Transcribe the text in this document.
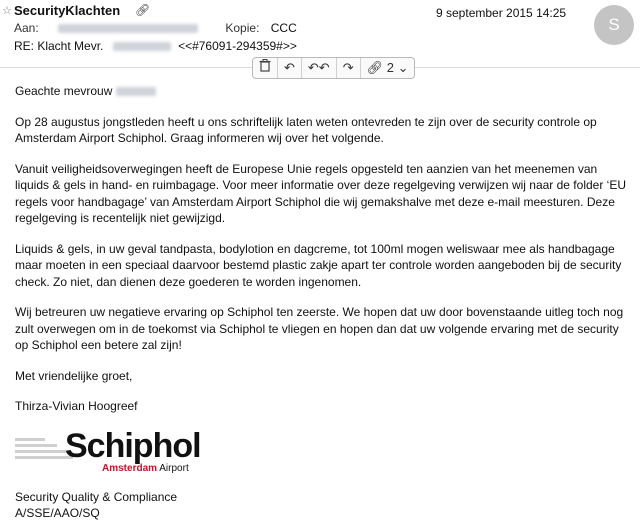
☆ SecurityKlachten 🔗︎	9 september 2015 14:25
S
Aan:	Kopie: CCC
RE: Klacht Mevr.	<<#76091-294359#>>
↶	↶↶	↷	🔗︎ 2 ⌄

Geachte mevrouw

Op 28 augustus jongstleden heeft u ons schriftelijk laten weten ontevreden te zijn over de security controle op Amsterdam Airport Schiphol. Graag informeren wij over het volgende.

Vanuit veiligheidsoverwegingen heeft de Europese Unie regels opgesteld ten aanzien van het meenemen van liquids & gels in hand- en ruimbagage. Voor meer informatie over deze regelgeving verwijzen wij naar de folder ‘EU regels voor handbagage’ van Amsterdam Airport Schiphol die wij gemakshalve met deze e-mail meesturen. Deze regelgeving is recentelijk niet gewijzigd.

Liquids & gels, in uw geval tandpasta, bodylotion en dagcreme, tot 100ml mogen weliswaar mee als handbagage maar moeten in een speciaal daarvoor bestemd plastic zakje apart ter controle worden aangeboden bij de security check. Zo niet, dan dienen deze goederen te worden ingenomen.

Wij betreuren uw negatieve ervaring op Schiphol ten zeerste. We hopen dat uw door bovenstaande uitleg toch nog zult overwegen om in de toekomst via Schiphol te vliegen en hopen dan dat uw volgende ervaring met de security op Schiphol een betere zal zijn!

Met vriendelijke groet,

Thirza-Vivian Hoogreef

Schiphol
Amsterdam Airport
Security Quality & Compliance
A/SSE/AAO/SQ
